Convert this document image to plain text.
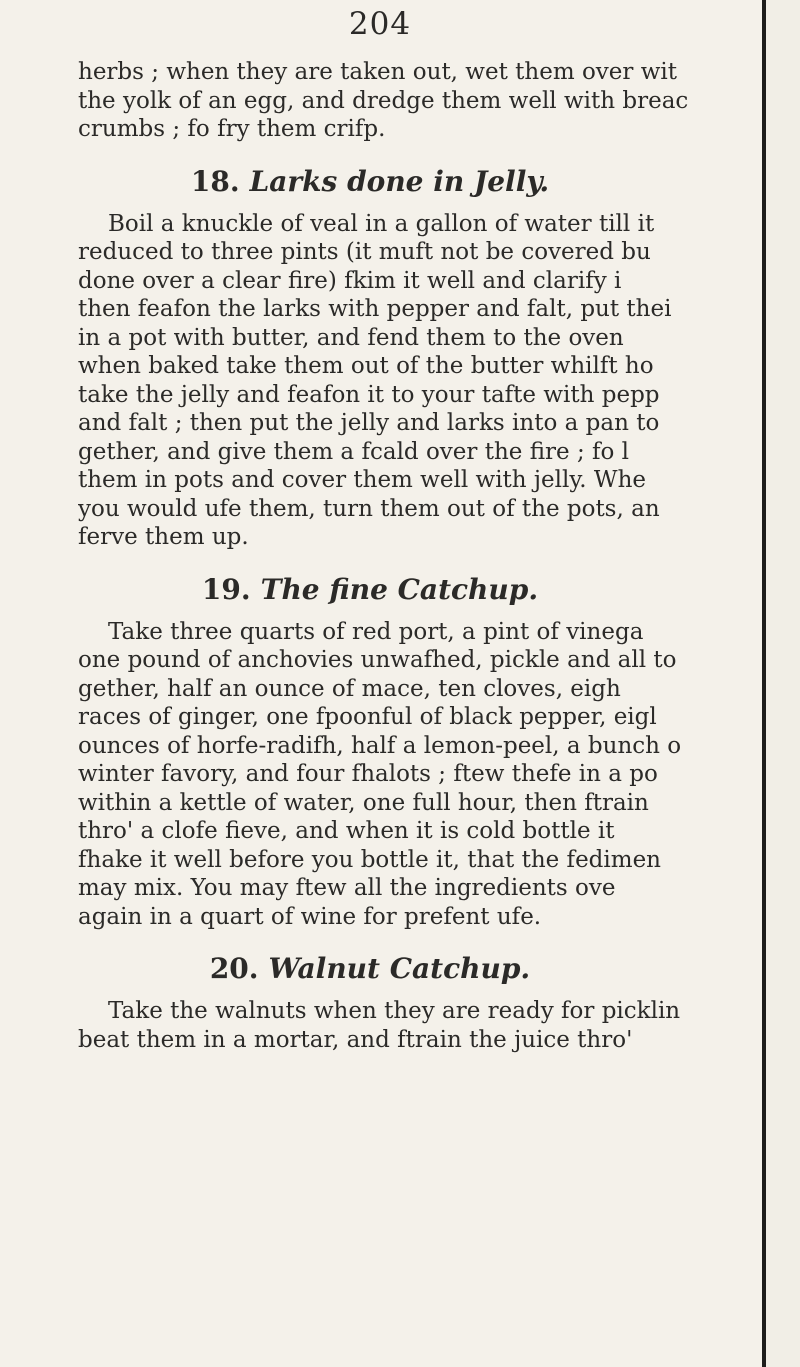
204

herbs ; when they are taken out, wet them over wit

the yolk of an egg, and dredge them well with breac

crumbs ; fo fry them crifp.

18. Larks done in Jelly.

Boil a knuckle of veal in a gallon of water till it

reduced to three pints (it muft not be covered bu

done over a clear fire) fkim it well and clarify i

then feafon the larks with pepper and falt, put thei

in a pot with butter, and fend them to the oven

when baked take them out of the butter whilft ho

take the jelly and feafon it to your tafte with pepp

and falt ; then put the jelly and larks into a pan to

gether, and give them a fcald over the fire ; fo l

them in pots and cover them well with jelly. Whe

you would ufe them, turn them out of the pots, an

ferve them up.

19. The fine Catchup.

Take three quarts of red port, a pint of vinega

one pound of anchovies unwafhed, pickle and all to

gether, half an ounce of mace, ten cloves, eigh

races of ginger, one fpoonful of black pepper, eigl

ounces of horfe-radifh, half a lemon-peel, a bunch o

winter favory, and four fhalots ; ftew thefe in a po

within a kettle of water, one full hour, then ftrain

thro' a clofe fieve, and when it is cold bottle it

fhake it well before you bottle it, that the fedimen

may mix. You may ftew all the ingredients ove

again in a quart of wine for prefent ufe.

20. Walnut Catchup.

Take the walnuts when they are ready for picklin

beat them in a mortar, and ftrain the juice thro'
